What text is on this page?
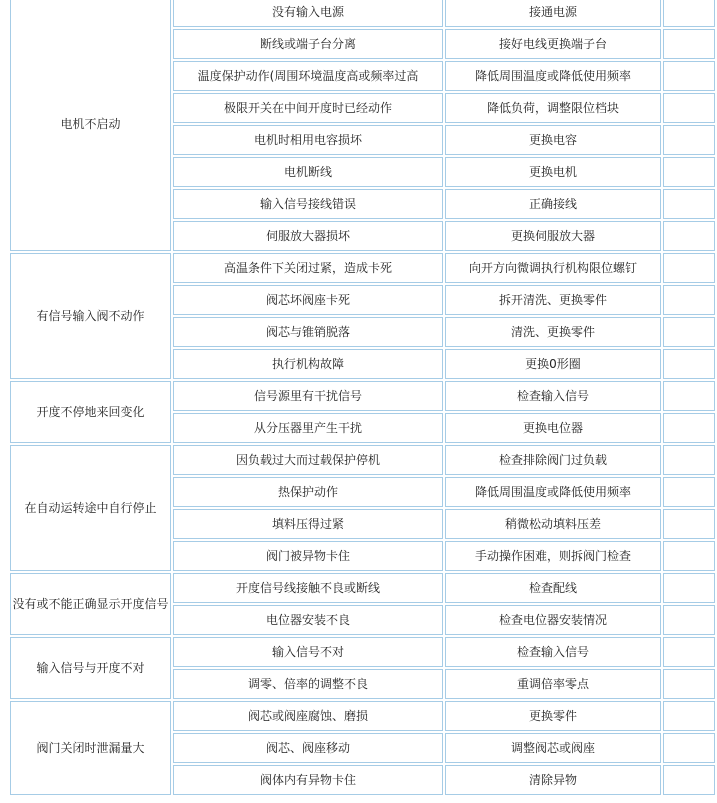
电机不启动	没有输入电源	接通电源	
	断线或端子台分离	接好电线更换端子台	
	温度保护动作(周围环境温度高或频率过高	降低周围温度或降低使用频率	
	极限开关在中间开度时已经动作	降低负荷，调整限位档块	
	电机时相用电容损坏	更换电容	
	电机断线	更换电机	
	输入信号接线错误	正确接线	
	伺服放大器损坏	更换伺服放大器	
有信号输入阀不动作	高温条件下关闭过紧，造成卡死	向开方向微调执行机构限位螺钉	
	阀芯坏阀座卡死	拆开清洗、更换零件	
	阀芯与锥销脱落	清洗、更换零件	
	执行机构故障	更换0形圈	
开度不停地来回变化	信号源里有干扰信号	检查输入信号	
	从分压器里产生干扰	更换电位器	
在自动运转途中自行停止	因负载过大而过载保护停机	检查排除阀门过负载	
	热保护动作	降低周围温度或降低使用频率	
	填料压得过紧	稍微松动填料压差	
	阀门被异物卡住	手动操作困难，则拆阀门检查	
没有或不能正确显示开度信号	开度信号线接触不良或断线	检查配线	
	电位器安装不良	检查电位器安装情况	
输入信号与开度不对	输入信号不对	检查输入信号	
	调零、倍率的调整不良	重调倍率零点	
阀门关闭时泄漏量大	阀芯或阀座腐蚀、磨损	更换零件	
	阀芯、阀座移动	调整阀芯或阀座	
	阀体内有异物卡住	清除异物	
